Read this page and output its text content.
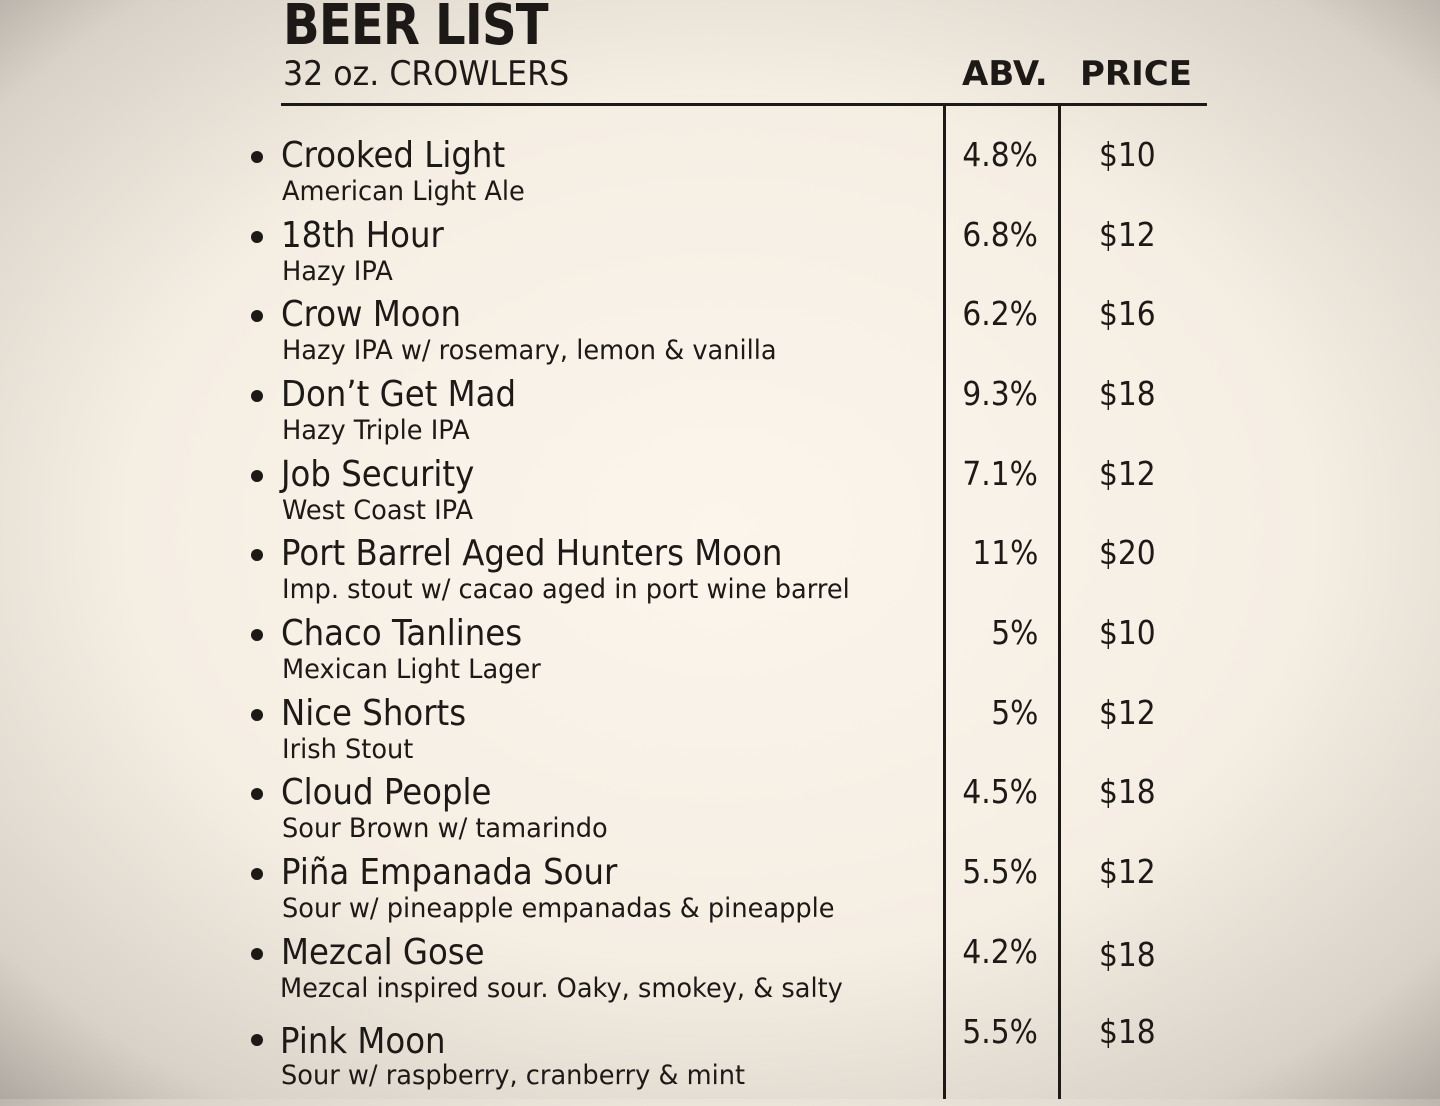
BEER LIST
32 oz. CROWLERS	ABV. PRICE
Crooked Light
American Light Ale
4.8% $10
18th Hour
Hazy IPA
6.8% $12
Crow Moon
Hazy IPA w/ rosemary, lemon & vanilla
6.2% $16
Don’t Get Mad
Hazy Triple IPA
9.3% $18
Job Security
West Coast IPA
7.1% $12
Port Barrel Aged Hunters Moon
Imp. stout w/ cacao aged in port wine barrel
11% $20
Chaco Tanlines
Mexican Light Lager
5% $10
Nice Shorts
Irish Stout
5% $12
Cloud People
Sour Brown w/ tamarindo
4.5% $18
Piña Empanada Sour
Sour w/ pineapple empanadas & pineapple
5.5% $12
Mezcal Gose
Mezcal inspired sour. Oaky, smokey, & salty
4.2% $18
Pink Moon
Sour w/ raspberry, cranberry & mint
5.5% $18
